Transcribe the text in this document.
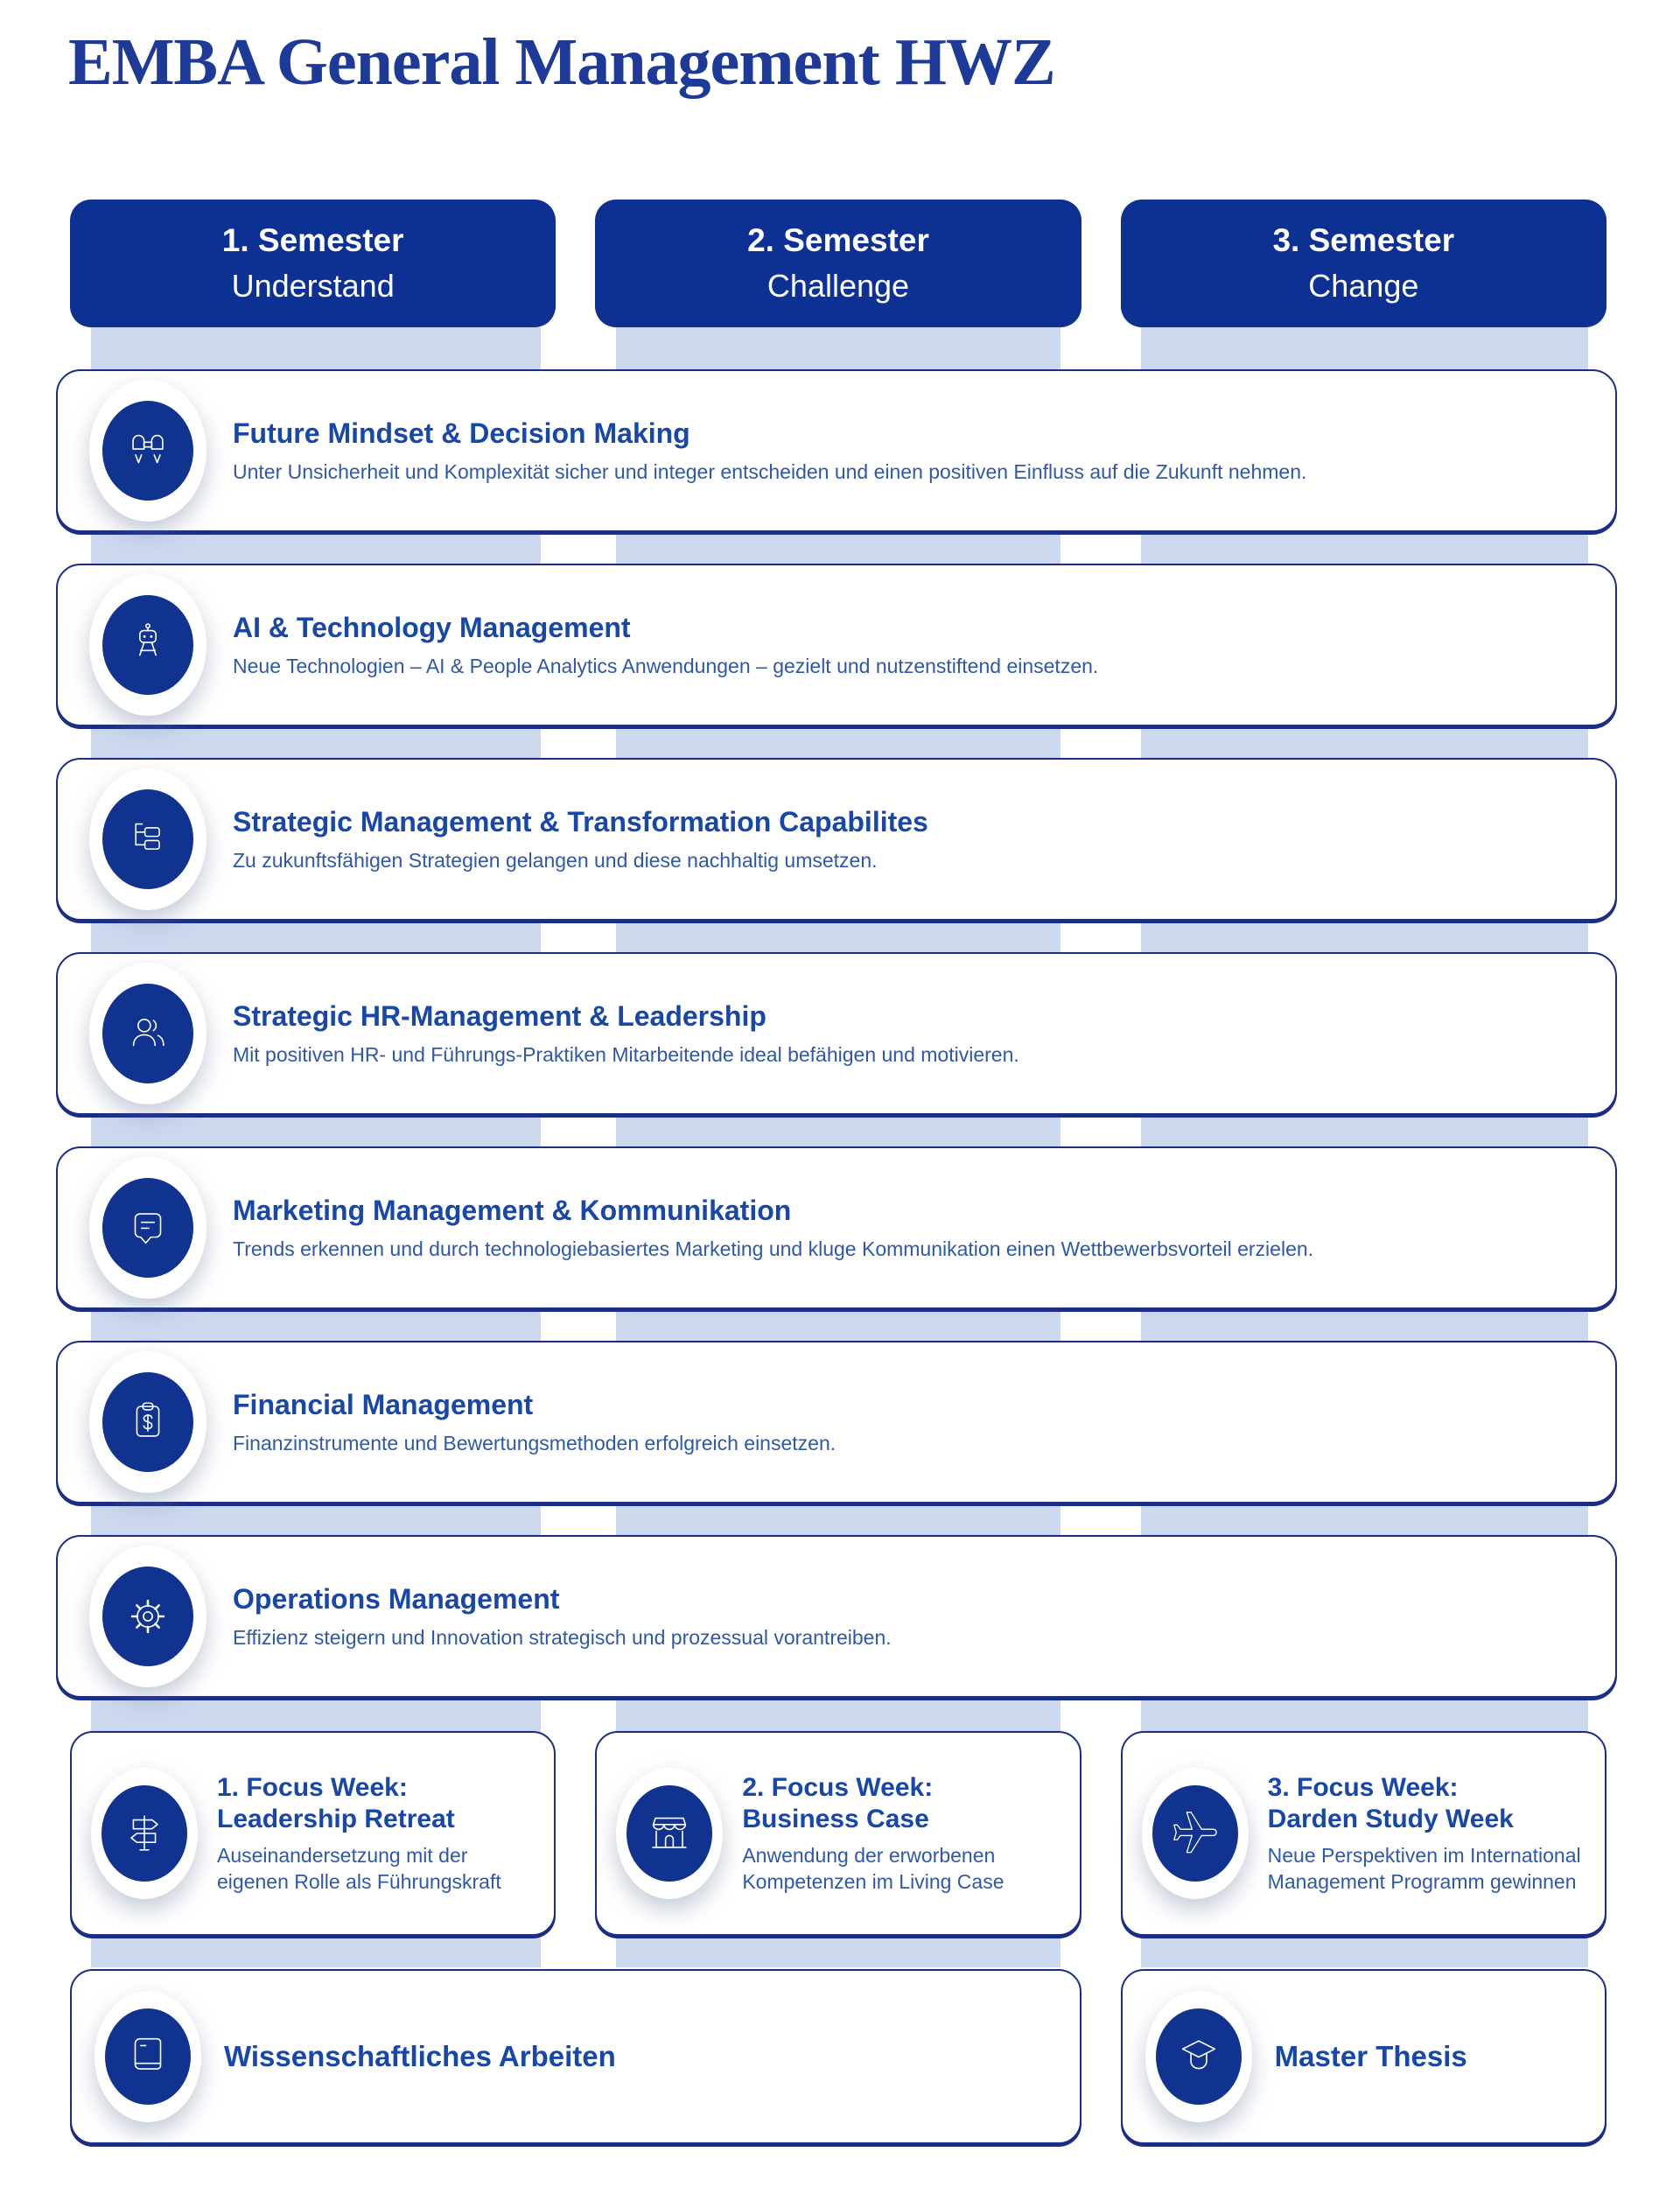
EMBA General Management HWZ
1. Semester
Understand
2. Semester
Challenge
3. Semester
Change
Future Mindset & Decision Making

Unter Unsicherheit und Komplexität sicher und integer entscheiden und einen positiven Einfluss auf die Zukunft nehmen.

AI & Technology Management

Neue Technologien – AI & People Analytics Anwendungen – gezielt und nutzenstiftend einsetzen.

Strategic Management & Transformation Capabilites

Zu zukunftsfähigen Strategien gelangen und diese nachhaltig umsetzen.

Strategic HR-Management & Leadership

Mit positiven HR- und Führungs-Praktiken Mitarbeitende ideal befähigen und motivieren.

Marketing Management & Kommunikation

Trends erkennen und durch technologiebasiertes Marketing und kluge Kommunikation einen Wettbewerbsvorteil erzielen.

Financial Management

Finanzinstrumente und Bewertungsmethoden erfolgreich einsetzen.

Operations Management

Effizienz steigern und Innovation strategisch und prozessual vorantreiben.

1. Focus Week:
Leadership Retreat

Auseinandersetzung mit der eigenen Rolle als Führungskraft

2. Focus Week:
Business Case

Anwendung der erworbenen Kompetenzen im Living Case

3. Focus Week:
Darden Study Week

Neue Perspektiven im International Management Programm gewinnen

Wissenschaftliches Arbeiten	Master Thesis
